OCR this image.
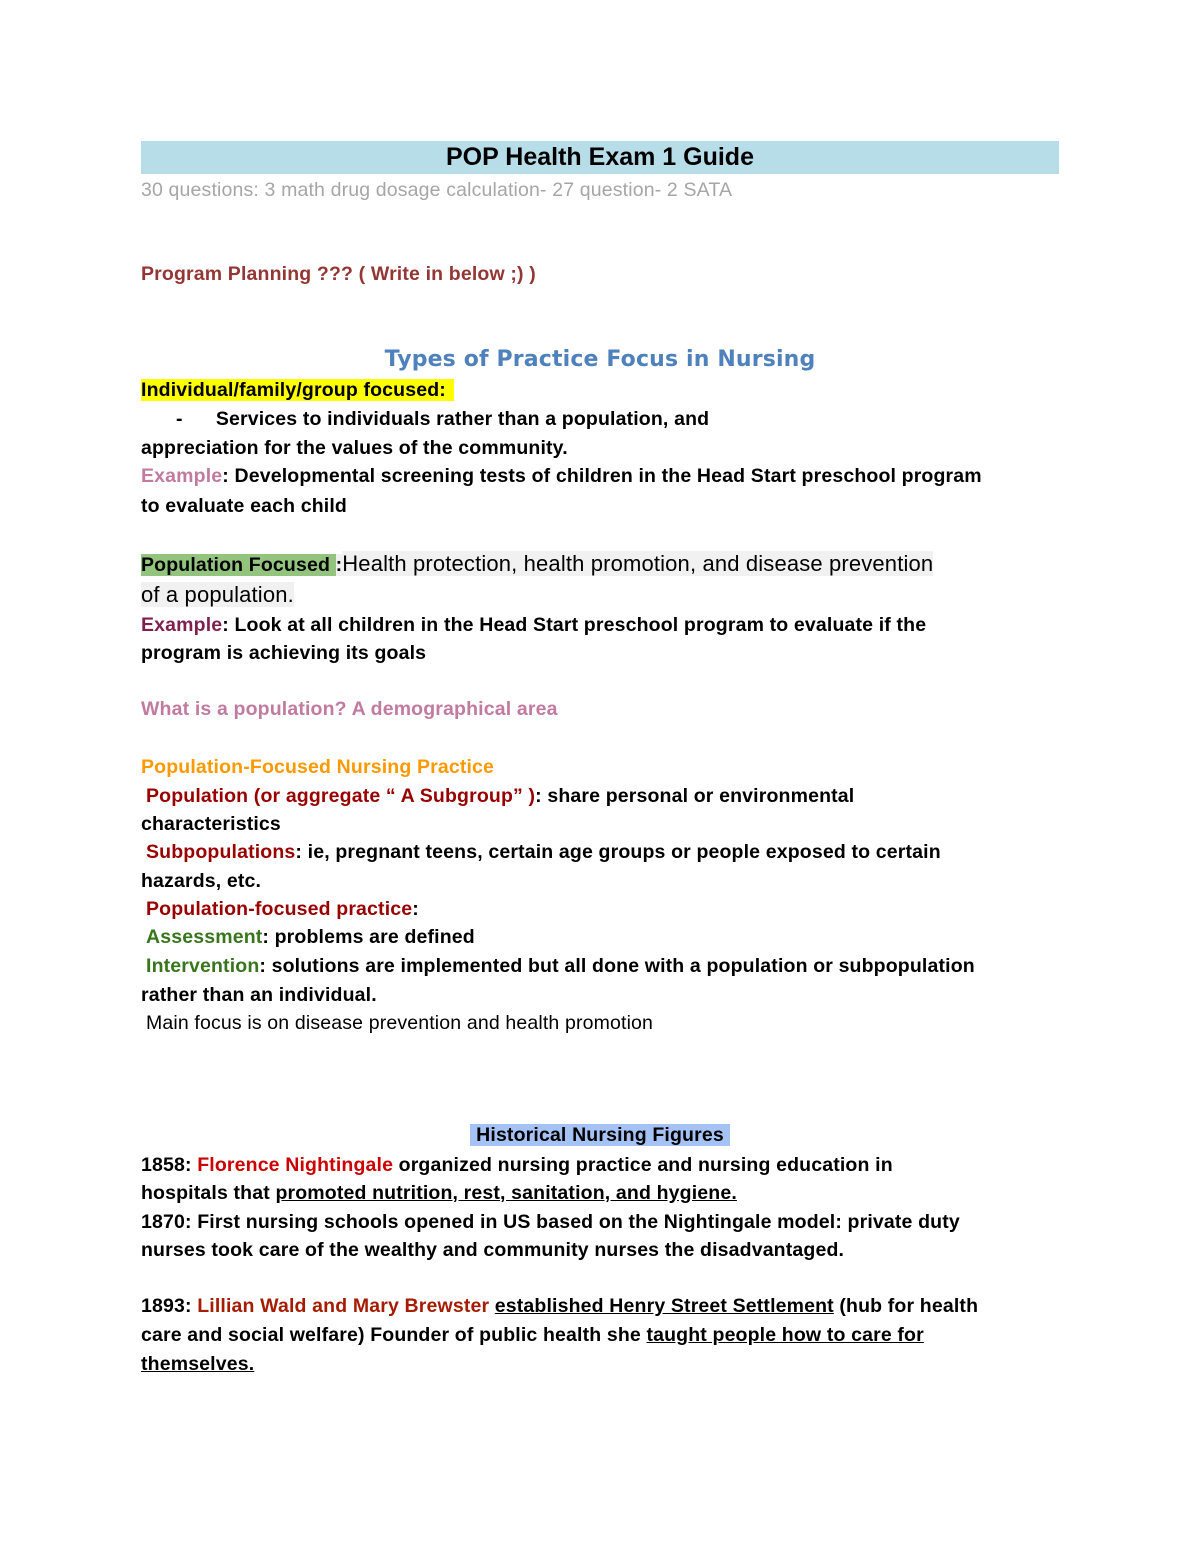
POP Health Exam 1 Guide
30 questions: 3 math drug dosage calculation- 27 question- 2 SATA
Program Planning ??? ( Write in below ;) )
Types of Practice Focus in Nursing
Individual/family/group focused:
- Services to individuals rather than a population, and
appreciation for the values of the community.
Example: Developmental screening tests of children in the Head Start preschool program
to evaluate each child
Population Focused :Health protection, health promotion, and disease prevention
of a population.
Example: Look at all children in the Head Start preschool program to evaluate if the
program is achieving its goals
What is a population? A demographical area
Population-Focused Nursing Practice
Population (or aggregate “ A Subgroup” ): share personal or environmental
characteristics
Subpopulations: ie, pregnant teens, certain age groups or people exposed to certain
hazards, etc.
Population-focused practice:
Assessment: problems are defined
Intervention: solutions are implemented but all done with a population or subpopulation
rather than an individual.
Main focus is on disease prevention and health promotion
Historical Nursing Figures
1858: Florence Nightingale organized nursing practice and nursing education in
hospitals that promoted nutrition, rest, sanitation, and hygiene.
1870: First nursing schools opened in US based on the Nightingale model: private duty
nurses took care of the wealthy and community nurses the disadvantaged.
1893: Lillian Wald and Mary Brewster established Henry Street Settlement (hub for health
care and social welfare) Founder of public health she taught people how to care for
themselves.
